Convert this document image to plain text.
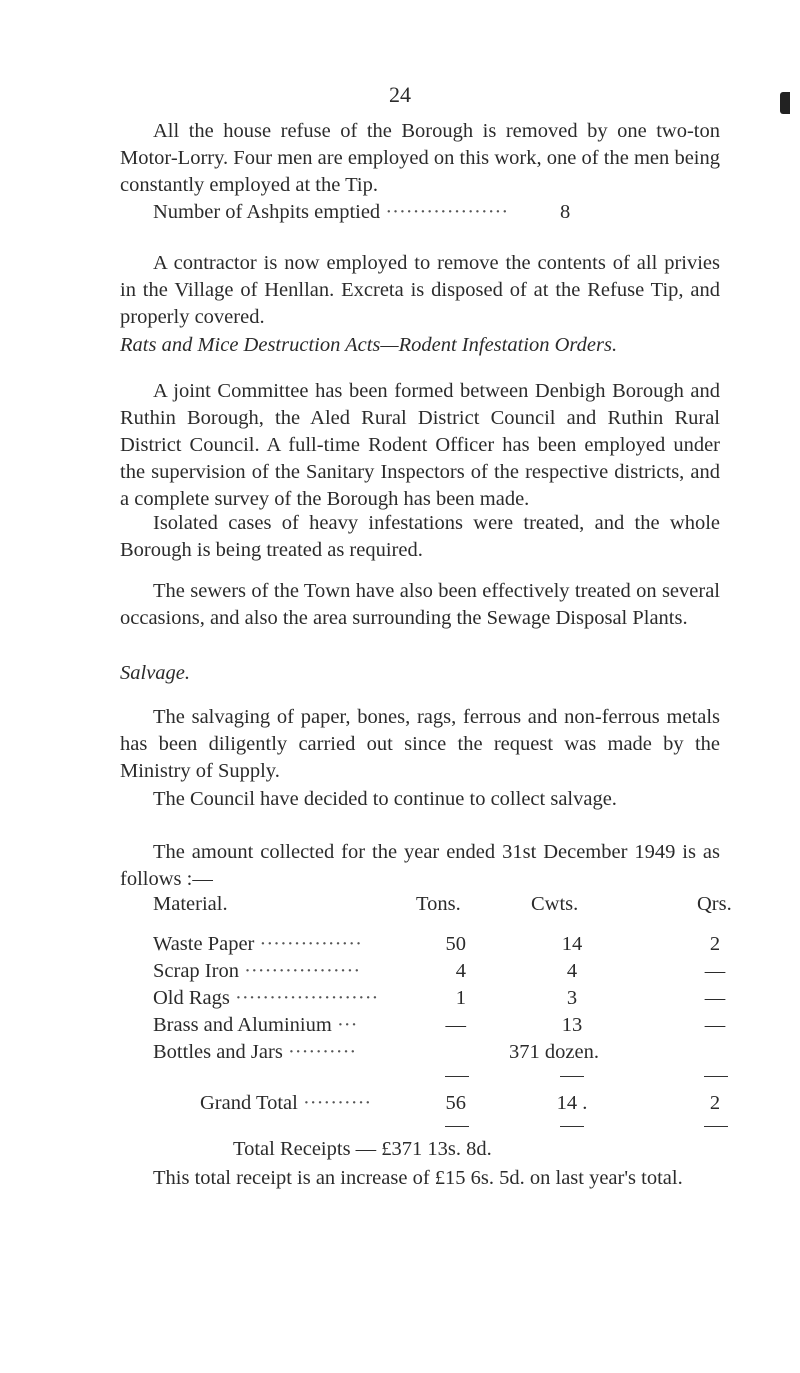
24
All the house refuse of the Borough is removed by one two-ton Motor-Lorry. Four men are employed on this work, one of the men being constantly employed at the Tip.
Number of Ashpits emptied ··················	8
A contractor is now employed to remove the contents of all privies in the Village of Henllan. Excreta is disposed of at the Refuse Tip, and properly covered.
Rats and Mice Destruction Acts—Rodent Infestation Orders.
A joint Committee has been formed between Denbigh Borough and Ruthin Borough, the Aled Rural District Council and Ruthin Rural District Council. A full-time Rodent Officer has been employed under the supervision of the Sanitary Inspectors of the respective districts, and a complete survey of the Borough has been made.
Isolated cases of heavy infestations were treated, and the whole Borough is being treated as required.
The sewers of the Town have also been effectively treated on several occasions, and also the area surrounding the Sewage Disposal Plants.
Salvage.
The salvaging of paper, bones, rags, ferrous and non-ferrous metals has been diligently carried out since the request was made by the Ministry of Supply.
The Council have decided to continue to collect salvage.
The amount collected for the year ended 31st December 1949 is as follows :—
Material.	Tons.	Cwts.	Qrs.
Waste Paper ···············	50	14	2
Scrap Iron ·················	4	4	—
Old Rags ·····················	1	3	—
Brass and Aluminium ···	—	13	—
Bottles and Jars ··········	371 dozen.
Grand Total ··········	56	14 .	2
Total Receipts — £371 13s. 8d.
This total receipt is an increase of £15 6s. 5d. on last year's total.
